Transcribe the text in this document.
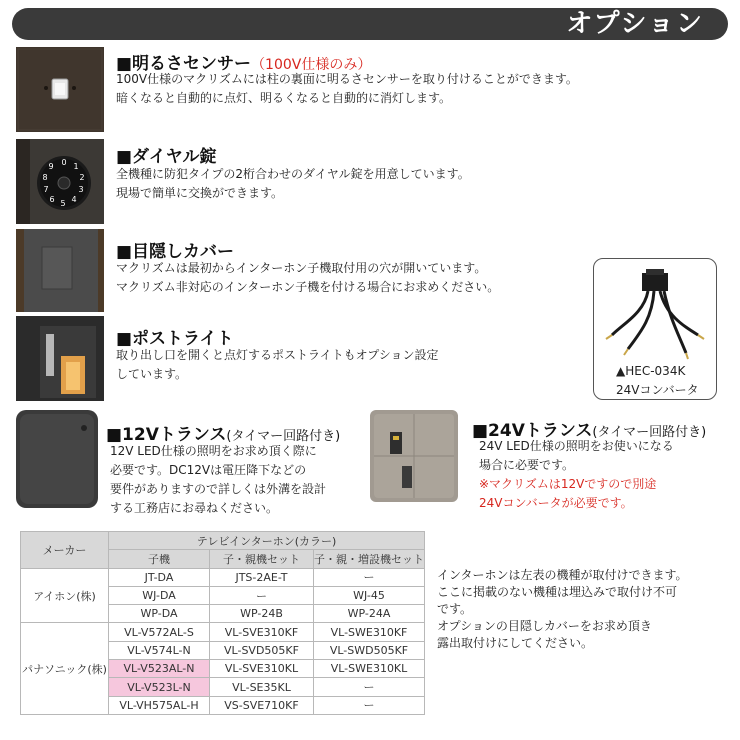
オプション
■明るさセンサー（100V仕様のみ）
100V仕様のマクリズムには柱の裏面に明るさセンサーを取り付けることができます。
暗くなると自動的に点灯、明るくなると自動的に消灯します。
0 1
2
3
4
5
6
7
8
9	■ダイヤル錠
全機種に防犯タイプの2桁合わせのダイヤル錠を用意しています。
現場で簡単に交換ができます。
■目隠しカバー
マクリズムは最初からインターホン子機取付用の穴が開いています。
マクリズム非対応のインターホン子機を付ける場合にお求めください。
■ポストライト
取り出し口を開くと点灯するポストライトもオプション設定
しています。	▲HEC-034K
24Vコンバータ
■12Vトランス(タイマー回路付き)
12V LED仕様の照明をお求め頂く際に
必要です。DC12Vは電圧降下などの
要件がありますので詳しくは外溝を設計
する工務店にお尋ねください。
■24Vトランス(タイマー回路付き)
24V LED仕様の照明をお使いになる
場合に必要です。
※マクリズムは12Vですので別途
24Vコンバータが必要です。
メーカー	テレビインターホン(カラー)		
	子機	子・親機セット	子・親・増設機セット
アイホン(株)	JT-DA	JTS-2AE-T	ー
	WJ-DA	ー	WJ-45
	WP-DA	WP-24B	WP-24A
パナソニック(株)	VL-V572AL-S	VL-SVE310KF	VL-SWE310KF
	VL-V574L-N	VL-SVD505KF	VL-SWD505KF
	VL-V523AL-N	VL-SVE310KL	VL-SWE310KL
	VL-V523L-N	VL-SE35KL	ー
	VL-VH575AL-H	VS-SVE710KF	ー
インターホンは左表の機種が取付けできます。
ここに掲載のない機種は埋込みで取付け不可
です。
オプションの目隠しカバーをお求め頂き
露出取付けにしてください。
